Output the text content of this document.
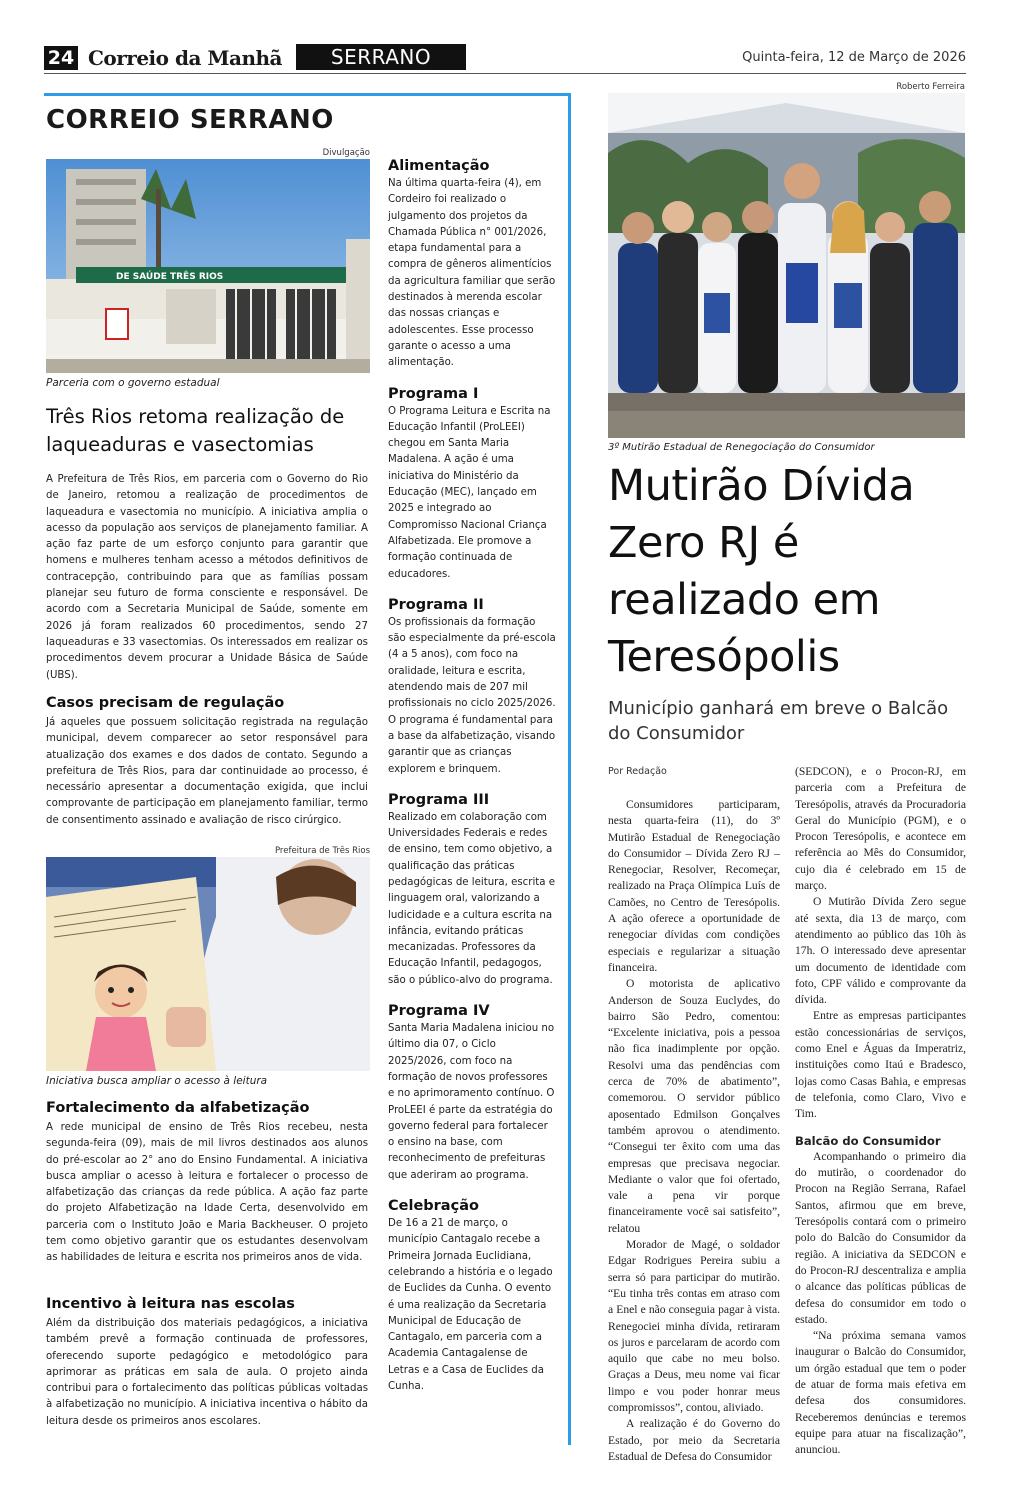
24 Correio da Manhã	SERRANO	Quinta-feira, 12 de Março de 2026
CORREIO SERRANO
Divulgação
DE SAÚDE TRÊS RIOS
Parceria com o governo estadual
Três Rios retoma realização de laqueaduras e vasectomias
A Prefeitura de Três Rios, em parceria com o Governo do Rio de Janeiro, retomou a realização de procedimentos de laqueadura e vasectomia no município. A iniciativa amplia o acesso da população aos serviços de planejamento familiar. A ação faz parte de um esforço conjunto para garantir que homens e mulheres tenham acesso a métodos definitivos de contracepção, contribuindo para que as famílias possam planejar seu futuro de forma consciente e responsável. De acordo com a Secretaria Municipal de Saúde, somente em 2026 já foram realizados 60 procedimentos, sendo 27 laqueaduras e 33 vasectomias. Os interessados em realizar os procedimentos devem procurar a Unidade Básica de Saúde (UBS).
Casos precisam de regulação
Já aqueles que possuem solicitação registrada na regulação municipal, devem comparecer ao setor responsável para atualização dos exames e dos dados de contato. Segundo a prefeitura de Três Rios, para dar continuidade ao processo, é necessário apresentar a documentação exigida, que inclui comprovante de participação em planejamento familiar, termo de consentimento assinado e avaliação de risco cirúrgico.
Prefeitura de Três Rios
Iniciativa busca ampliar o acesso à leitura
Fortalecimento da alfabetização
A rede municipal de ensino de Três Rios recebeu, nesta segunda-feira (09), mais de mil livros destinados aos alunos do pré-escolar ao 2° ano do Ensino Fundamental. A iniciativa busca ampliar o acesso à leitura e fortalecer o processo de alfabetização das crianças da rede pública. A ação faz parte do projeto Alfabetização na Idade Certa, desenvolvido em parceria com o Instituto João e Maria Backheuser. O projeto tem como objetivo garantir que os estudantes desenvolvam as habilidades de leitura e escrita nos primeiros anos de vida.
Incentivo à leitura nas escolas
Além da distribuição dos materiais pedagógicos, a iniciativa também prevê a formação continuada de professores, oferecendo suporte pedagógico e metodológico para aprimorar as práticas em sala de aula. O projeto ainda contribui para o fortalecimento das políticas públicas voltadas à alfabetização no município. A iniciativa incentiva o hábito da leitura desde os primeiros anos escolares.
Alimentação
Na última quarta-feira (4), em Cordeiro foi realizado o julgamento dos projetos da Chamada Pública n° 001/2026, etapa fundamental para a compra de gêneros alimentícios da agricultura familiar que serão destinados à merenda escolar das nossas crianças e adolescentes. Esse processo garante o acesso a uma alimentação.
Programa I
O Programa Leitura e Escrita na Educação Infantil (ProLEEI) chegou em Santa Maria Madalena. A ação é uma iniciativa do Ministério da Educação (MEC), lançado em 2025 e integrado ao Compromisso Nacional Criança Alfabetizada. Ele promove a formação continuada de educadores.
Programa II
Os profissionais da formação são especialmente da pré-escola (4 a 5 anos), com foco na oralidade, leitura e escrita, atendendo mais de 207 mil profissionais no ciclo 2025/2026. O programa é fundamental para a base da alfabetização, visando garantir que as crianças explorem e brinquem.
Programa III
Realizado em colaboração com Universidades Federais e redes de ensino, tem como objetivo, a qualificação das práticas pedagógicas de leitura, escrita e linguagem oral, valorizando a ludicidade e a cultura escrita na infância, evitando práticas mecanizadas. Professores da Educação Infantil, pedagogos, são o público-alvo do programa.
Programa IV
Santa Maria Madalena iniciou no último dia 07, o Ciclo 2025/2026, com foco na formação de novos professores e no aprimoramento contínuo. O ProLEEI é parte da estratégia do governo federal para fortalecer o ensino na base, com reconhecimento de prefeituras que aderiram ao programa.
Celebração
De 16 a 21 de março, o município Cantagalo recebe a Primeira Jornada Euclidiana, celebrando a história e o legado de Euclides da Cunha. O evento é uma realização da Secretaria Municipal de Educação de Cantagalo, em parceria com a Academia Cantagalense de Letras e a Casa de Euclides da Cunha.
Roberto Ferreira
3º Mutirão Estadual de Renegociação do Consumidor
Mutirão Dívida Zero RJ é realizado em Teresópolis
Município ganhará em breve o Balcão do Consumidor
Por Redação

Consumidores participaram, nesta quarta-feira (11), do 3º Mutirão Estadual de Renegociação do Consumidor – Dívida Zero RJ – Renegociar, Resolver, Recomeçar, realizado na Praça Olímpica Luís de Camões, no Centro de Teresópolis. A ação oferece a oportunidade de renegociar dívidas com condições especiais e regularizar a situação financeira.

O motorista de aplicativo Anderson de Souza Euclydes, do bairro São Pedro, comentou: “Excelente iniciativa, pois a pessoa não fica inadimplente por opção. Resolvi uma das pendências com cerca de 70% de abatimento”, comemorou. O servidor público aposentado Edmilson Gonçalves também aprovou o atendimento. “Consegui ter êxito com uma das empresas que precisava negociar. Mediante o valor que foi ofertado, vale a pena vir porque financeiramente você sai satisfeito”, relatou

Morador de Magé, o soldador Edgar Rodrigues Pereira subiu a serra só para participar do mutirão. “Eu tinha três contas em atraso com a Enel e não conseguia pagar à vista. Renegociei minha dívida, retiraram os juros e parcelaram de acordo com aquilo que cabe no meu bolso. Graças a Deus, meu nome vai ficar limpo e vou poder honrar meus compromissos”, contou, aliviado.

A realização é do Governo do Estado, por meio da Secretaria Estadual de Defesa do Consumidor

(SEDCON), e o Procon-RJ, em parceria com a Prefeitura de Teresópolis, através da Procuradoria Geral do Município (PGM), e o Procon Teresópolis, e acontece em referência ao Mês do Consumidor, cujo dia é celebrado em 15 de março.

O Mutirão Dívida Zero segue até sexta, dia 13 de março, com atendimento ao público das 10h às 17h. O interessado deve apresentar um documento de identidade com foto, CPF válido e comprovante da dívida.

Entre as empresas participantes estão concessionárias de serviços, como Enel e Águas da Imperatriz, instituições como Itaú e Bradesco, lojas como Casas Bahia, e empresas de telefonia, como Claro, Vivo e Tim.

Balcão do Consumidor

Acompanhando o primeiro dia do mutirão, o coordenador do Procon na Região Serrana, Rafael Santos, afirmou que em breve, Teresópolis contará com o primeiro polo do Balcão do Consumidor da região. A iniciativa da SEDCON e do Procon-RJ descentraliza e amplia o alcance das políticas públicas de defesa do consumidor em todo o estado.

“Na próxima semana vamos inaugurar o Balcão do Consumidor, um órgão estadual que tem o poder de atuar de forma mais efetiva em defesa dos consumidores. Receberemos denúncias e teremos equipe para atuar na fiscalização”, anunciou.
